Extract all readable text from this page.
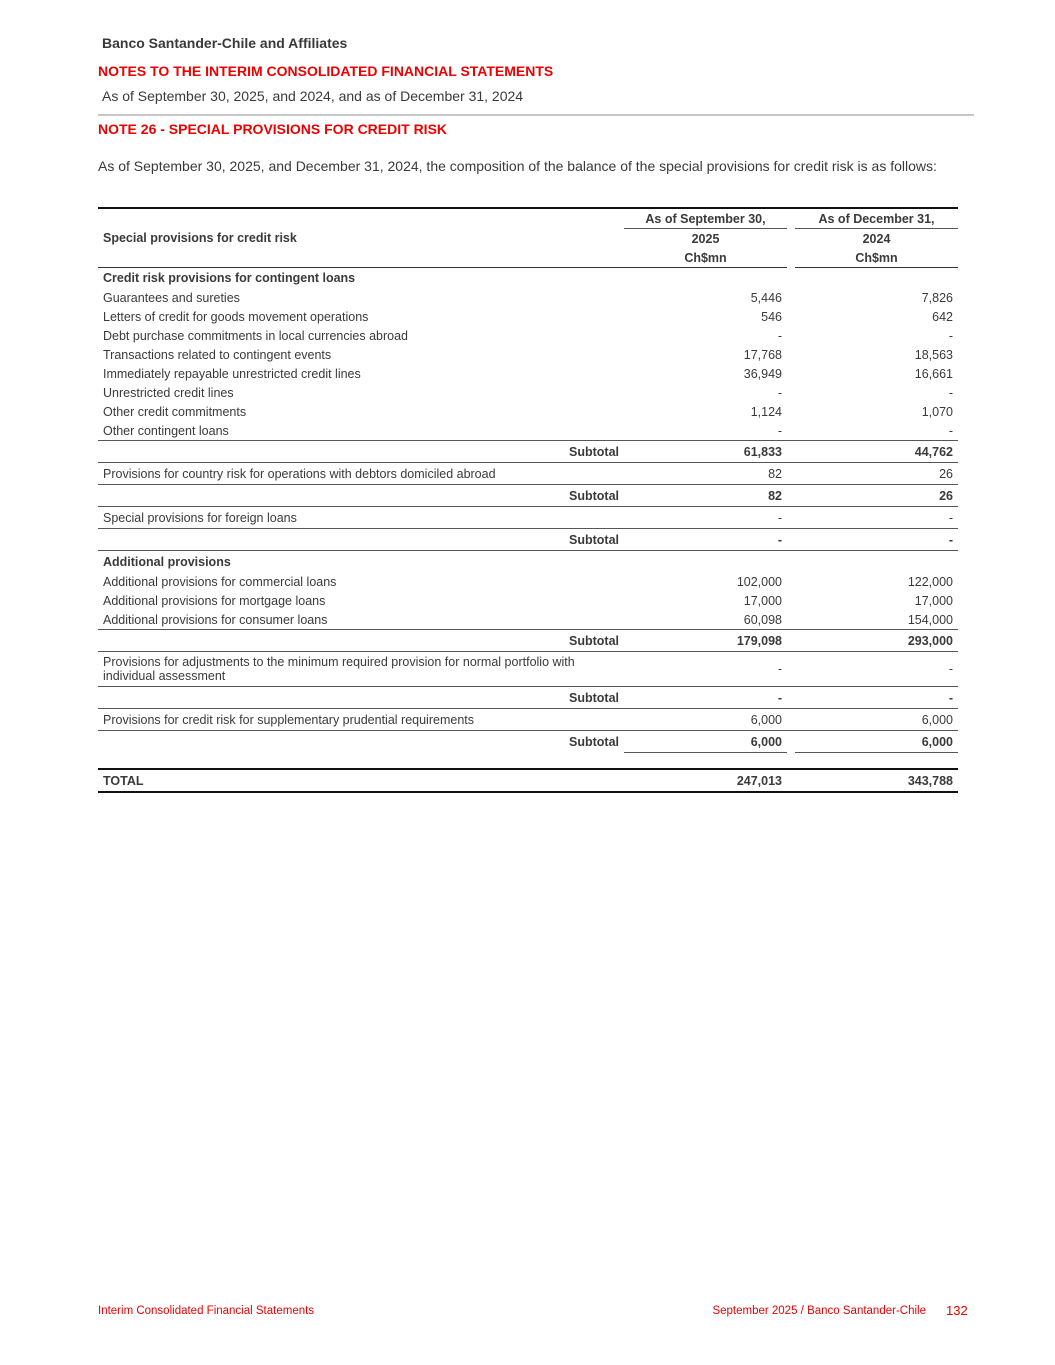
Banco Santander-Chile and Affiliates
NOTES TO THE INTERIM CONSOLIDATED FINANCIAL STATEMENTS
As of September 30, 2025, and 2024, and as of December 31, 2024
NOTE 26 - SPECIAL PROVISIONS FOR CREDIT RISK
As of September 30, 2025, and December 31, 2024, the composition of the balance of the special provisions for credit risk is as follows:
Special provisions for credit risk	As of September 30,		As of December 31,
	2025		2024
	Ch$mn		Ch$mn
Credit risk provisions for contingent loans			
Guarantees and sureties	5,446		7,826
Letters of credit for goods movement operations	546		642
Debt purchase commitments in local currencies abroad	-		-
Transactions related to contingent events	17,768		18,563
Immediately repayable unrestricted credit lines	36,949		16,661
Unrestricted credit lines	-		-
Other credit commitments	1,124		1,070
Other contingent loans	-		-
Subtotal	61,833		44,762
Provisions for country risk for operations with debtors domiciled abroad	82		26
Subtotal	82		26
Special provisions for foreign loans	-		-
Subtotal	-		-
Additional provisions			
Additional provisions for commercial loans	102,000		122,000
Additional provisions for mortgage loans	17,000		17,000
Additional provisions for consumer loans	60,098		154,000
Subtotal	179,098		293,000
Provisions for adjustments to the minimum required provision for normal portfolio with individual assessment	-		-
Subtotal	-		-
Provisions for credit risk for supplementary prudential requirements	6,000		6,000
Subtotal	6,000		6,000

TOTAL	247,013		343,788
Interim Consolidated Financial Statements	September 2025 / Banco Santander-Chile 132
